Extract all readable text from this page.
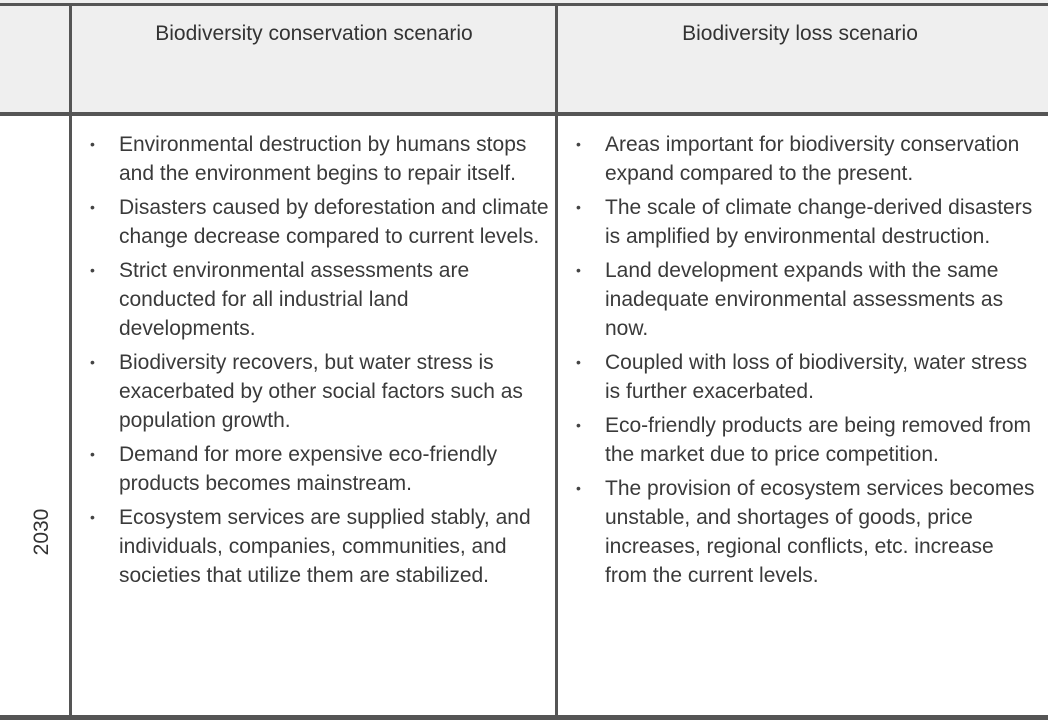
Biodiversity conservation scenario	Biodiversity loss scenario
2030
• Environmental destruction by humans stops and the environment begins to repair itself.
• Disasters caused by deforestation and climate change decrease compared to current levels.
• Strict environmental assessments are conducted for all industrial land developments.
• Biodiversity recovers, but water stress is exacerbated by other social factors such as population growth.
• Demand for more expensive eco-friendly products becomes mainstream.
• Ecosystem services are supplied stably, and individuals, companies, communities, and societies that utilize them are stabilized.
• Areas important for biodiversity conservation expand compared to the present.
• The scale of climate change-derived disasters is amplified by environmental destruction.
• Land development expands with the same inadequate environmental assessments as now.
• Coupled with loss of biodiversity, water stress is further exacerbated.
• Eco-friendly products are being removed from the market due to price competition.
• The provision of ecosystem services becomes unstable, and shortages of goods, price increases, regional conflicts, etc. increase from the current levels.
